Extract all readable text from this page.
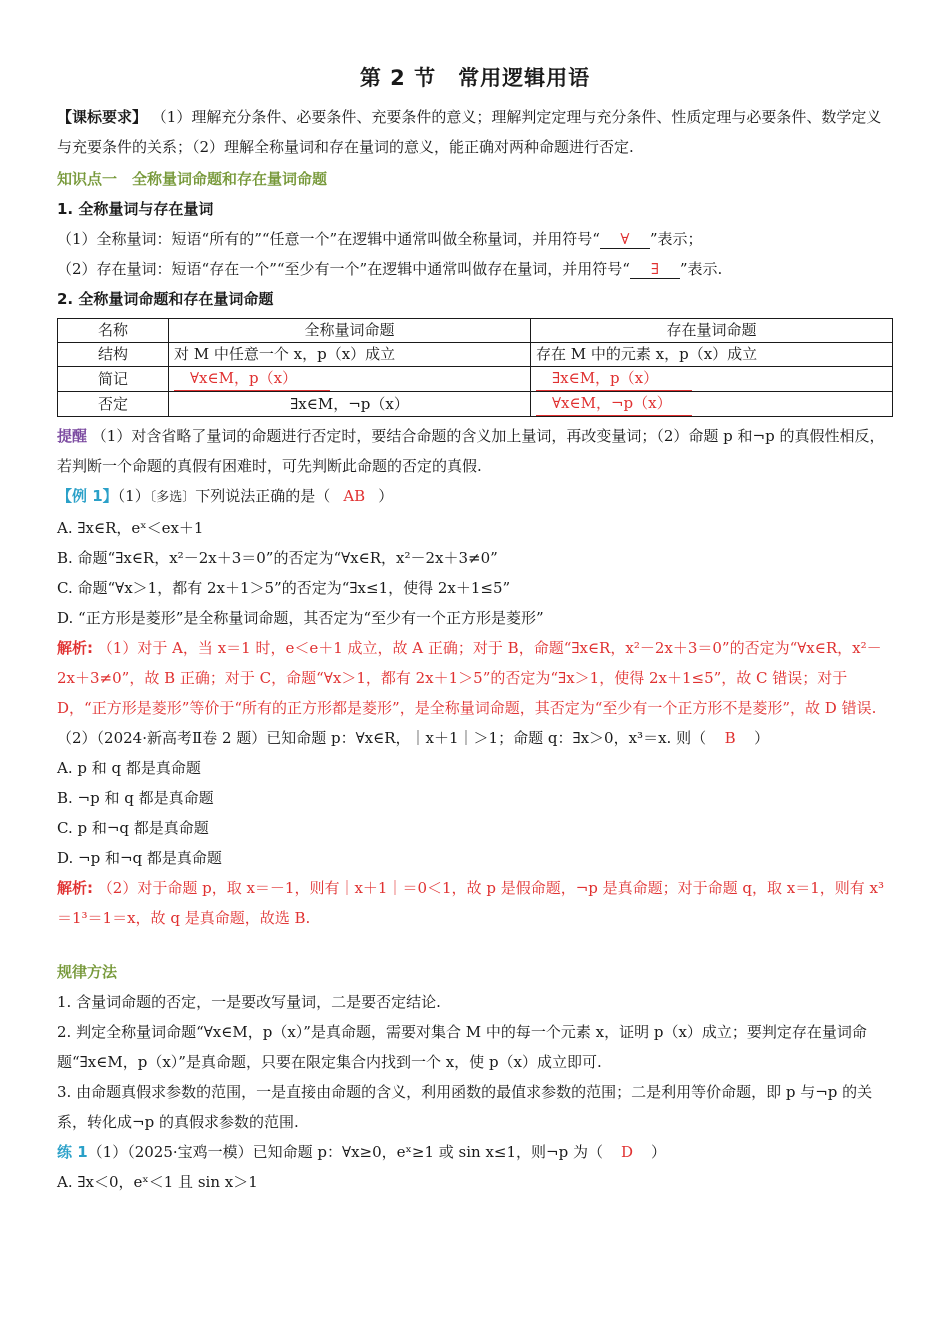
第 2 节　常用逻辑用语

【课标要求】 （1）理解充分条件、必要条件、充要条件的意义；理解判定定理与充分条件、性质定理与必要条件、数学定义与充要条件的关系；（2）理解全称量词和存在量词的意义，能正确对两种命题进行否定.

知识点一　全称量词命题和存在量词命题
1. 全称量词与存在量词

（1）全称量词：短语“所有的”“任意一个”在逻辑中通常叫做全称量词，并用符号“ ∀ ”表示；

（2）存在量词：短语“存在一个”“至少有一个”在逻辑中通常叫做存在量词，并用符号“ ∃ ”表示.

2. 全称量词命题和存在量词命题
名称	全称量词命题	存在量词命题
结构	对 M 中任意一个 x，p（x）成立	存在 M 中的元素 x，p（x）成立
简记	∀x∈M，p（x）	∃x∈M，p（x）
否定	∃x∈M，¬p（x）	∀x∈M，¬p（x）

提醒 （1）对含省略了量词的命题进行否定时，要结合命题的含义加上量词，再改变量词；（2）命题 p 和¬p 的真假性相反，若判断一个命题的真假有困难时，可先判断此命题的否定的真假.

【例 1】（1）〔多选〕下列说法正确的是（ AB ）

A. ∃x∈R，eˣ＜ex＋1

B. 命题“∃x∈R，x²－2x＋3＝0”的否定为“∀x∈R，x²－2x＋3≠0”

C. 命题“∀x＞1，都有 2x＋1＞5”的否定为“∃x≤1，使得 2x＋1≤5”

D. “正方形是菱形”是全称量词命题，其否定为“至少有一个正方形是菱形”

解析: （1）对于 A，当 x＝1 时，e＜e＋1 成立，故 A 正确；对于 B，命题“∃x∈R，x²－2x＋3＝0”的否定为“∀x∈R，x²－2x＋3≠0”，故 B 正确；对于 C，命题“∀x＞1，都有 2x＋1＞5”的否定为“∃x＞1，使得 2x＋1≤5”，故 C 错误；对于 D，“正方形是菱形”等价于“所有的正方形都是菱形”，是全称量词命题，其否定为“至少有一个正方形不是菱形”，故 D 错误.

（2）（2024·新高考Ⅱ卷 2 题）已知命题 p：∀x∈R，｜x＋1｜＞1；命题 q：∃x＞0，x³＝x. 则（ B ）

A. p 和 q 都是真命题

B. ¬p 和 q 都是真命题

C. p 和¬q 都是真命题

D. ¬p 和¬q 都是真命题

解析: （2）对于命题 p，取 x＝－1，则有｜x＋1｜＝0＜1，故 p 是假命题，¬p 是真命题；对于命题 q，取 x＝1，则有 x³＝1³＝1＝x，故 q 是真命题，故选 B.

规律方法

1. 含量词命题的否定，一是要改写量词，二是要否定结论.

2. 判定全称量词命题“∀x∈M，p（x）”是真命题，需要对集合 M 中的每一个元素 x，证明 p（x）成立；要判定存在量词命题“∃x∈M，p（x）”是真命题，只要在限定集合内找到一个 x，使 p（x）成立即可.

3. 由命题真假求参数的范围，一是直接由命题的含义，利用函数的最值求参数的范围；二是利用等价命题，即 p 与¬p 的关系，转化成¬p 的真假求参数的范围.

练 1（1）（2025·宝鸡一模）已知命题 p：∀x≥0，eˣ≥1 或 sin x≤1，则¬p 为（ D ）

A. ∃x＜0，eˣ＜1 且 sin x＞1
